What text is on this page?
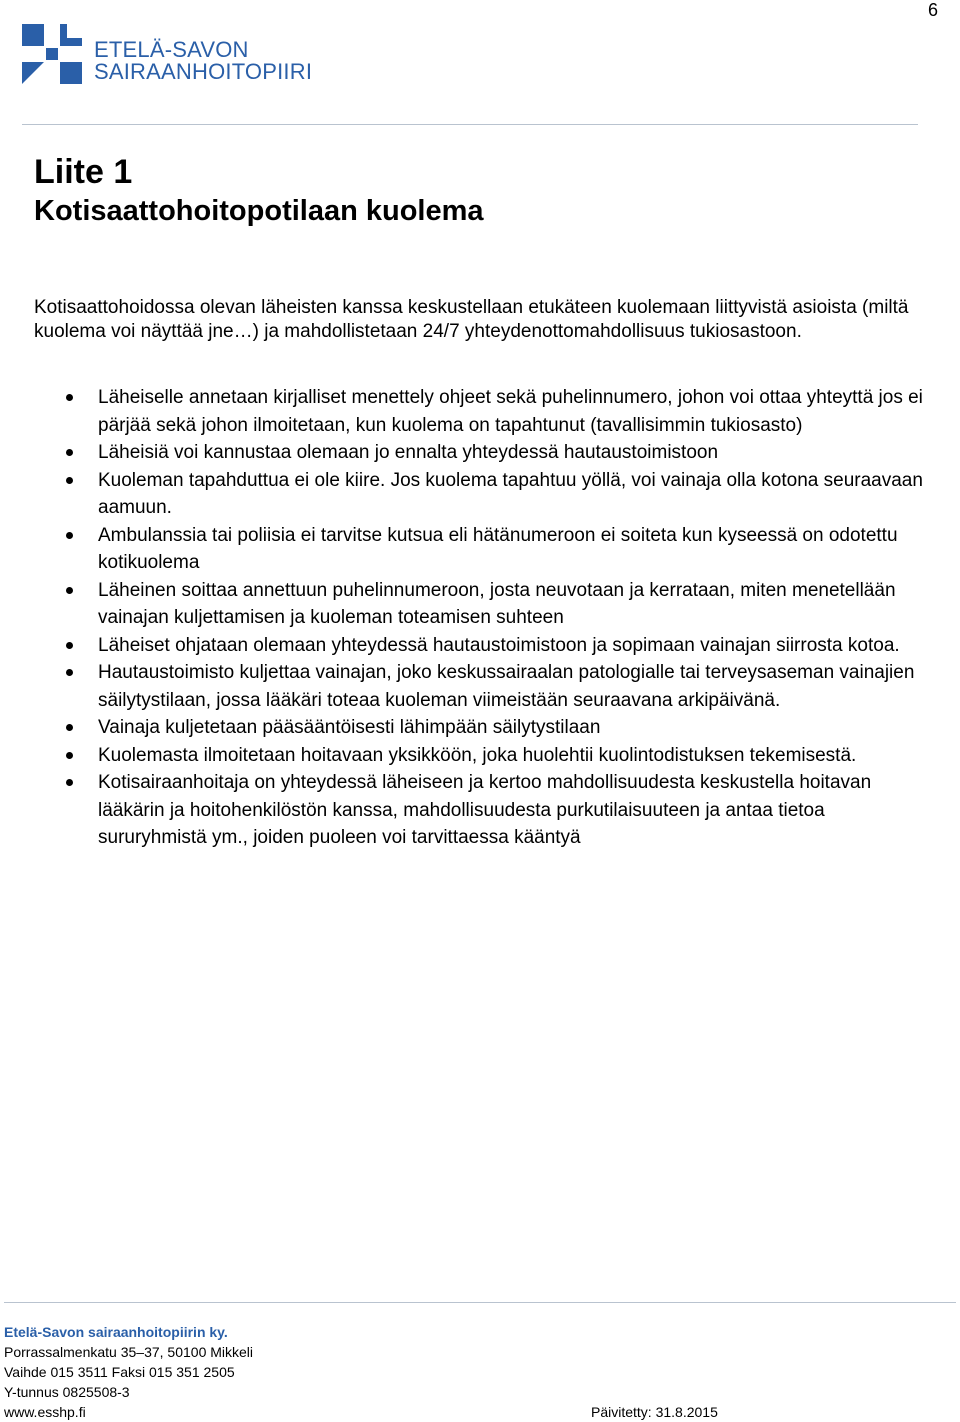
6
ETELÄ-SAVON
SAIRAANHOITOPIIRI
Liite 1
Kotisaattohoitopotilaan kuolema

Kotisaattohoidossa olevan läheisten kanssa keskustellaan etukäteen kuolemaan liittyvistä asioista (miltä kuolema voi näyttää jne…) ja mahdollistetaan 24/7 yhteydenottomahdollisuus tukiosastoon.

Läheiselle annetaan kirjalliset menettely ohjeet sekä puhelinnumero, johon voi ottaa yhteyttä jos ei pärjää sekä johon ilmoitetaan, kun kuolema on tapahtunut (tavallisimmin tukiosasto)
Läheisiä voi kannustaa olemaan jo ennalta yhteydessä hautaustoimistoon
Kuoleman tapahduttua ei ole kiire. Jos kuolema tapahtuu yöllä, voi vainaja olla kotona seuraavaan aamuun.
Ambulanssia tai poliisia ei tarvitse kutsua eli hätänumeroon ei soiteta kun kyseessä on odotettu kotikuolema
Läheinen soittaa annettuun puhelinnumeroon, josta neuvotaan ja kerrataan, miten menetellään vainajan kuljettamisen ja kuoleman toteamisen suhteen
Läheiset ohjataan olemaan yhteydessä hautaustoimistoon ja sopimaan vainajan siirrosta kotoa.
Hautaustoimisto kuljettaa vainajan, joko keskussairaalan patologialle tai terveysaseman vainajien säilytystilaan, jossa lääkäri toteaa kuoleman viimeistään seuraavana arkipäivänä.
Vainaja kuljetetaan pääsääntöisesti lähimpään säilytystilaan
Kuolemasta ilmoitetaan hoitavaan yksikköön, joka huolehtii kuolintodistuksen tekemisestä.
Kotisairaanhoitaja on yhteydessä läheiseen ja kertoo mahdollisuudesta keskustella hoitavan lääkärin ja hoitohenkilöstön kanssa, mahdollisuudesta purkutilaisuuteen ja antaa tietoa sururyhmistä ym., joiden puoleen voi tarvittaessa kääntyä
Etelä-Savon sairaanhoitopiirin ky.
Porrassalmenkatu 35–37, 50100 Mikkeli
Vaihde 015 3511 Faksi 015 351 2505
Y-tunnus 0825508-3
www.esshp.fi	Päivitetty: 31.8.2015
